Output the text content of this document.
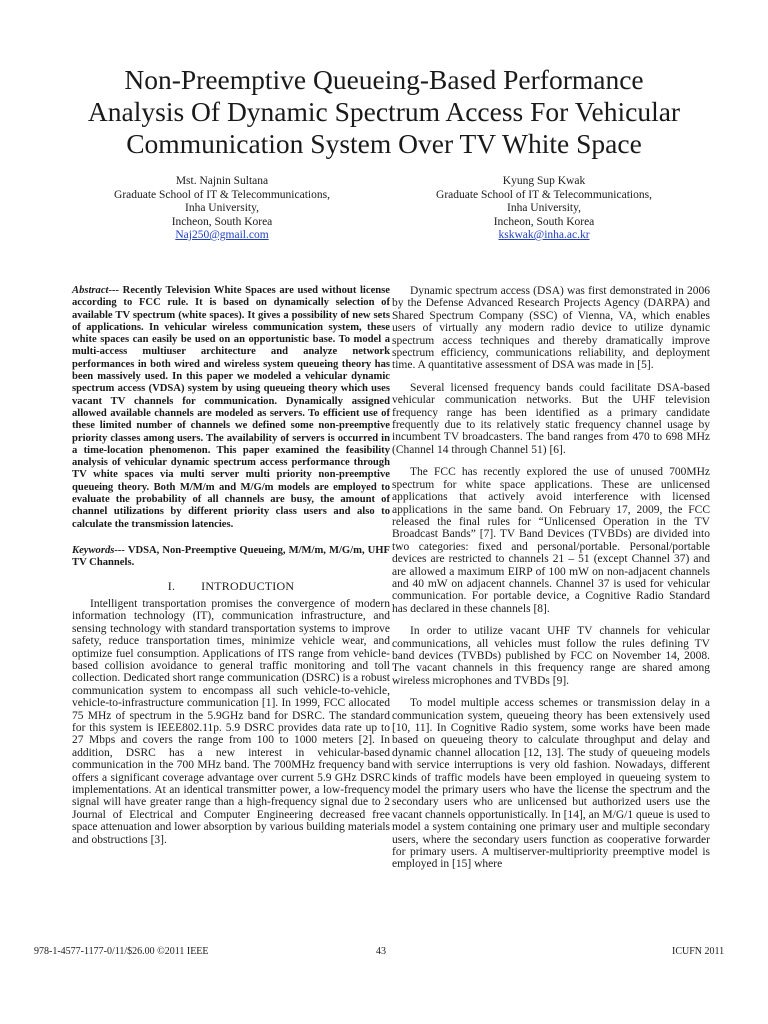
Non-Preemptive Queueing-Based Performance
Analysis Of Dynamic Spectrum Access For Vehicular
Communication System Over TV White Space
Mst. Najnin Sultana
Graduate School of IT & Telecommunications,
Inha University,
Incheon, South Korea
Naj250@gmail.com
Kyung Sup Kwak
Graduate School of IT & Telecommunications,
Inha University,
Incheon, South Korea
kskwak@inha.ac.kr

Abstract--- Recently Television White Spaces are used without license according to FCC rule. It is based on dynamically selection of available TV spectrum (white spaces). It gives a possibility of new sets of applications. In vehicular wireless communication system, these white spaces can easily be used on an opportunistic base. To model a multi-access multiuser architecture and analyze network performances in both wired and wireless system queueing theory has been massively used. In this paper we modeled a vehicular dynamic spectrum access (VDSA) system by using queueing theory which uses vacant TV channels for communication. Dynamically assigned allowed available channels are modeled as servers. To efficient use of these limited number of channels we defined some non-preemptive priority classes among users. The availability of servers is occurred in a time-location phenomenon. This paper examined the feasibility analysis of vehicular dynamic spectrum access performance through TV white spaces via multi server multi priority non-preemptive queueing theory. Both M/M/m and M/G/m models are employed to evaluate the probability of all channels are busy, the amount of channel utilizations by different priority class users and also to calculate the transmission latencies.

Keywords--- VDSA, Non-Preemptive Queueing, M/M/m, M/G/m, UHF TV Channels.

I. INTRODUCTION

Intelligent transportation promises the convergence of modern information technology (IT), communication infrastructure, and sensing technology with standard transportation systems to improve safety, reduce transportation times, minimize vehicle wear, and optimize fuel consumption. Applications of ITS range from vehicle-based collision avoidance to general traffic monitoring and toll collection. Dedicated short range communication (DSRC) is a robust communication system to encompass all such vehicle-to-vehicle, vehicle-to-infrastructure communication [1]. In 1999, FCC allocated 75 MHz of spectrum in the 5.9GHz band for DSRC. The standard for this system is IEEE802.11p. 5.9 DSRC provides data rate up to 27 Mbps and covers the range from 100 to 1000 meters [2]. In addition, DSRC has a new interest in vehicular-based communication in the 700 MHz band. The 700MHz frequency band offers a significant coverage advantage over current 5.9 GHz DSRC implementations. At an identical transmitter power, a low-frequency signal will have greater range than a high-frequency signal due to 2 Journal of Electrical and Computer Engineering decreased free space attenuation and lower absorption by various building materials and obstructions [3].

Dynamic spectrum access (DSA) was first demonstrated in 2006 by the Defense Advanced Research Projects Agency (DARPA) and Shared Spectrum Company (SSC) of Vienna, VA, which enables users of virtually any modern radio device to utilize dynamic spectrum access techniques and thereby dramatically improve spectrum efficiency, communications reliability, and deployment time. A quantitative assessment of DSA was made in [5].

Several licensed frequency bands could facilitate DSA-based vehicular communication networks. But the UHF television frequency range has been identified as a primary candidate frequently due to its relatively static frequency channel usage by incumbent TV broadcasters. The band ranges from 470 to 698 MHz (Channel 14 through Channel 51) [6].

The FCC has recently explored the use of unused 700MHz spectrum for white space applications. These are unlicensed applications that actively avoid interference with licensed applications in the same band. On February 17, 2009, the FCC released the final rules for “Unlicensed Operation in the TV Broadcast Bands” [7]. TV Band Devices (TVBDs) are divided into two categories: fixed and personal/portable. Personal/portable devices are restricted to channels 21 – 51 (except Channel 37) and are allowed a maximum EIRP of 100 mW on non-adjacent channels and 40 mW on adjacent channels. Channel 37 is used for vehicular communication. For portable device, a Cognitive Radio Standard has declared in these channels [8].

In order to utilize vacant UHF TV channels for vehicular communications, all vehicles must follow the rules defining TV band devices (TVBDs) published by FCC on November 14, 2008. The vacant channels in this frequency range are shared among wireless microphones and TVBDs [9].

To model multiple access schemes or transmission delay in a communication system, queueing theory has been extensively used [10, 11]. In Cognitive Radio system, some works have been made based on queueing theory to calculate throughput and delay and dynamic channel allocation [12, 13]. The study of queueing models with service interruptions is very old fashion. Nowadays, different kinds of traffic models have been employed in queueing system to model the primary users who have the license the spectrum and the secondary users who are unlicensed but authorized users use the vacant channels opportunistically. In [14], an M/G/1 queue is used to model a system containing one primary user and multiple secondary users, where the secondary users function as cooperative forwarder for primary users. A multiserver-multipriority preemptive model is employed in [15] where

978-1-4577-1177-0/11/$26.00 ©2011 IEEE	43	ICUFN 2011
